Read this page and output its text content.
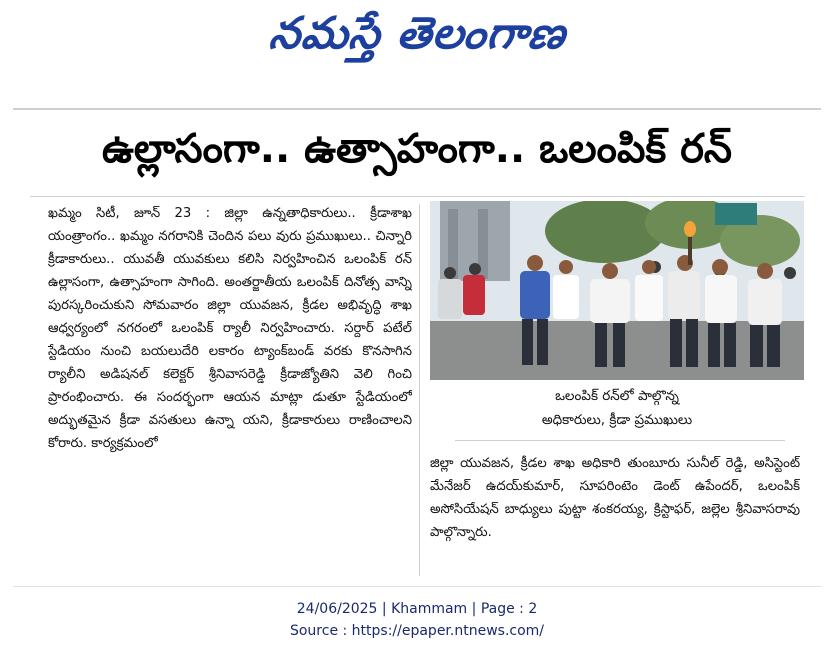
నమస్తే తెలంగాణ
ఉల్లాసంగా.. ఉత్సాహంగా.. ఒలంపిక్ రన్
ఖమ్మం సిటీ, జూన్ 23 : జిల్లా ఉన్నతాధికారులు.. క్రీడాశాఖ యంత్రాంగం.. ఖమ్మం నగరానికి చెందిన పలు వురు ప్రముఖులు.. చిన్నారి క్రీడాకారులు.. యువతీ యువకులు కలిసి నిర్వహించిన ఒలంపిక్ రన్ ఉల్లాసంగా, ఉత్సాహంగా సాగింది. అంతర్జాతీయ ఒలంపిక్ దినోత్స వాన్ని పురస్కరించుకుని సోమవారం జిల్లా యువజన, క్రీడల అభివృద్ధి శాఖ ఆధ్వర్యంలో నగరంలో ఒలంపిక్ ర్యాలీ నిర్వహించారు. సర్దార్ పటేల్ స్టేడియం నుంచి బయలుదేరి లకారం ట్యాంక్‌బండ్ వరకు కొనసాగిన ర్యాలీని అడిషనల్ కలెక్టర్ శ్రీనివాసరెడ్డి క్రీడాజ్యోతిని వెలి గించి ప్రారంభించారు. ఈ సందర్భంగా ఆయన మాట్లా డుతూ స్టేడియంలో అద్భుతమైన క్రీడా వసతులు ఉన్నా యని, క్రీడాకారులు రాణించాలని కోరారు. కార్యక్రమంలో
ఒలంపిక్ రన్‌లో పాల్గొన్న
అధికారులు, క్రీడా ప్రముఖులు
జిల్లా యువజన, క్రీడల శాఖ అధికారి తుంబూరు సునీల్ రెడ్డి, అసిస్టెంట్ మేనేజర్ ఉదయ్‌కుమార్, సూపరింటెం డెంట్ ఉపేందర్, ఒలంపిక్ అసోసియేషన్ బాధ్యులు పుట్టా శంకరయ్య, క్రిస్టాఫర్, జల్లెల శ్రీనివాసరావు పాల్గొన్నారు.
24/06/2025 | Khammam | Page : 2
Source : https://epaper.ntnews.com/
